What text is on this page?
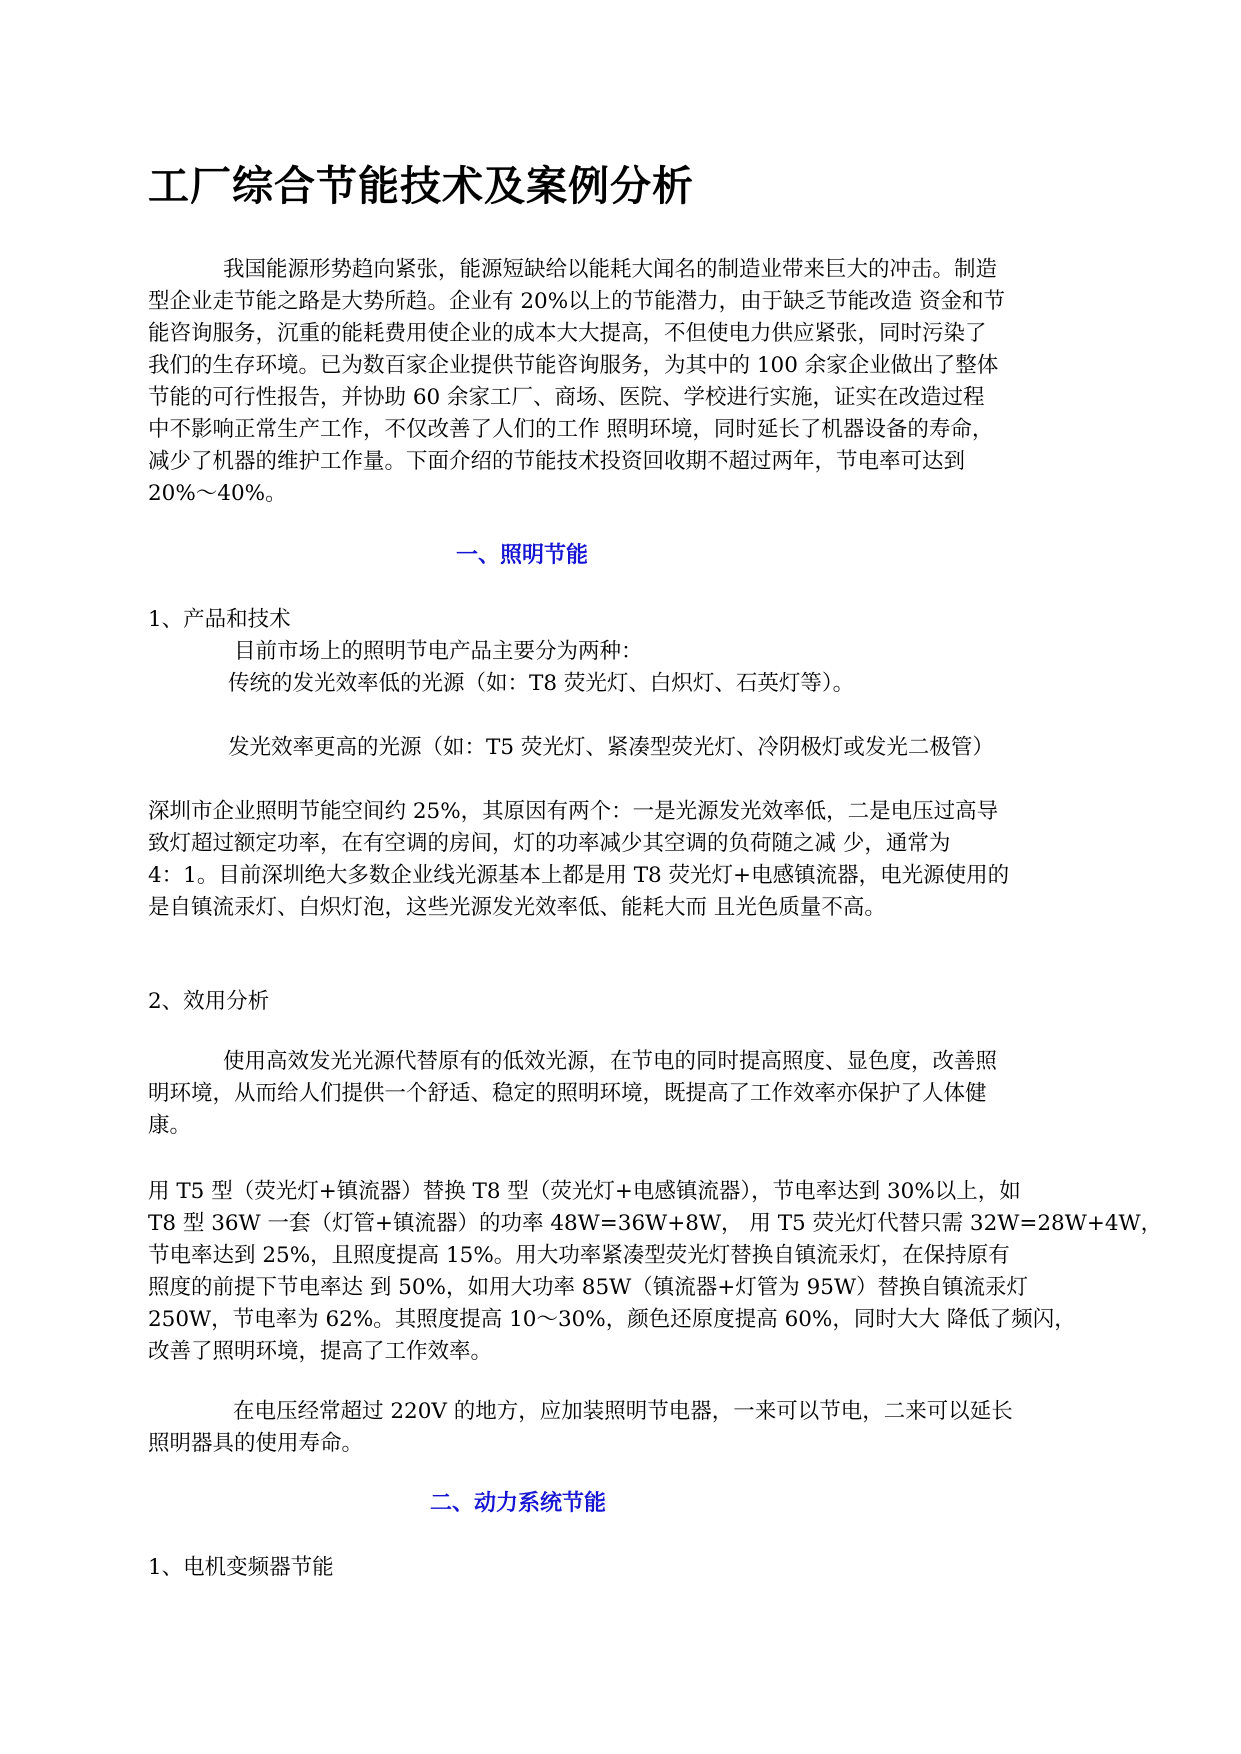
工厂综合节能技术及案例分析
我国能源形势趋向紧张，能源短缺给以能耗大闻名的制造业带来巨大的冲击。制造
型企业走节能之路是大势所趋。企业有 20%以上的节能潜力，由于缺乏节能改造 资金和节
能咨询服务，沉重的能耗费用使企业的成本大大提高，不但使电力供应紧张，同时污染了
我们的生存环境。已为数百家企业提供节能咨询服务，为其中的 100 余家企业做出了整体
节能的可行性报告，并协助 60 余家工厂、商场、医院、学校进行实施，证实在改造过程
中不影响正常生产工作，不仅改善了人们的工作 照明环境，同时延长了机器设备的寿命，
减少了机器的维护工作量。下面介绍的节能技术投资回收期不超过两年，节电率可达到
20%～40%。
一、照明节能
1、产品和技术
目前市场上的照明节电产品主要分为两种：
传统的发光效率低的光源（如：T8 荧光灯、白炽灯、石英灯等）。
发光效率更高的光源（如：T5 荧光灯、紧凑型荧光灯、冷阴极灯或发光二极管）
深圳市企业照明节能空间约 25%，其原因有两个：一是光源发光效率低，二是电压过高导
致灯超过额定功率，在有空调的房间，灯的功率减少其空调的负荷随之减 少，通常为
4：1。目前深圳绝大多数企业线光源基本上都是用 T8 荧光灯+电感镇流器，电光源使用的
是自镇流汞灯、白炽灯泡，这些光源发光效率低、能耗大而 且光色质量不高。
2、效用分析
使用高效发光光源代替原有的低效光源，在节电的同时提高照度、显色度，改善照
明环境，从而给人们提供一个舒适、稳定的照明环境，既提高了工作效率亦保护了人体健
康。
用 T5 型（荧光灯+镇流器）替换 T8 型（荧光灯+电感镇流器），节电率达到 30%以上，如
T8 型 36W 一套（灯管+镇流器）的功率 48W=36W+8W， 用 T5 荧光灯代替只需 32W=28W+4W，
节电率达到 25%，且照度提高 15%。用大功率紧凑型荧光灯替换自镇流汞灯，在保持原有
照度的前提下节电率达 到 50%，如用大功率 85W（镇流器+灯管为 95W）替换自镇流汞灯
250W，节电率为 62%。其照度提高 10～30%，颜色还原度提高 60%，同时大大 降低了频闪，
改善了照明环境，提高了工作效率。
在电压经常超过 220V 的地方，应加装照明节电器，一来可以节电，二来可以延长
照明器具的使用寿命。
二、动力系统节能
1、电机变频器节能
